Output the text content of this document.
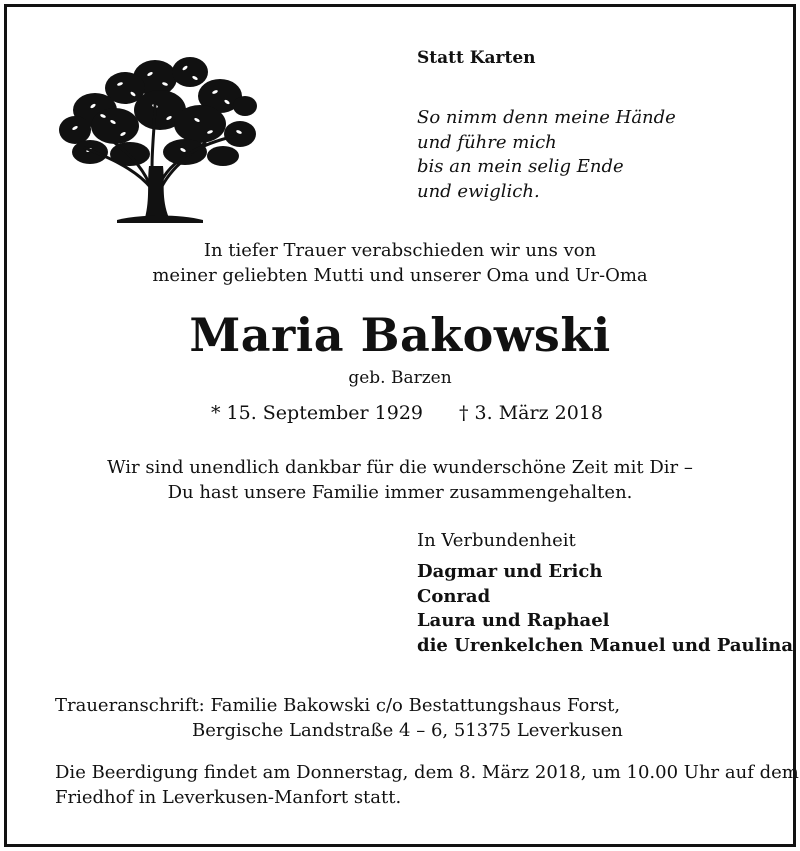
Statt Karten
So nimm denn meine Hände
und führe mich
bis an mein selig Ende
und ewiglich.
In tiefer Trauer verabschieden wir uns von
meiner geliebten Mutti und unserer Oma und Ur-Oma
Maria Bakowski
geb. Barzen
* 15. September 1929 † 3. März 2018
Wir sind unendlich dankbar für die wunderschöne Zeit mit Dir –
Du hast unsere Familie immer zusammengehalten.
In Verbundenheit
Dagmar und Erich
Conrad
Laura und Raphael
die Urenkelchen Manuel und Paulina
Traueranschrift: Familie Bakowski c/o Bestattungshaus Forst,
Bergische Landstraße 4 – 6, 51375 Leverkusen
Die Beerdigung findet am Donnerstag, dem 8. März 2018, um 10.00 Uhr auf dem
Friedhof in Leverkusen-Manfort statt.
